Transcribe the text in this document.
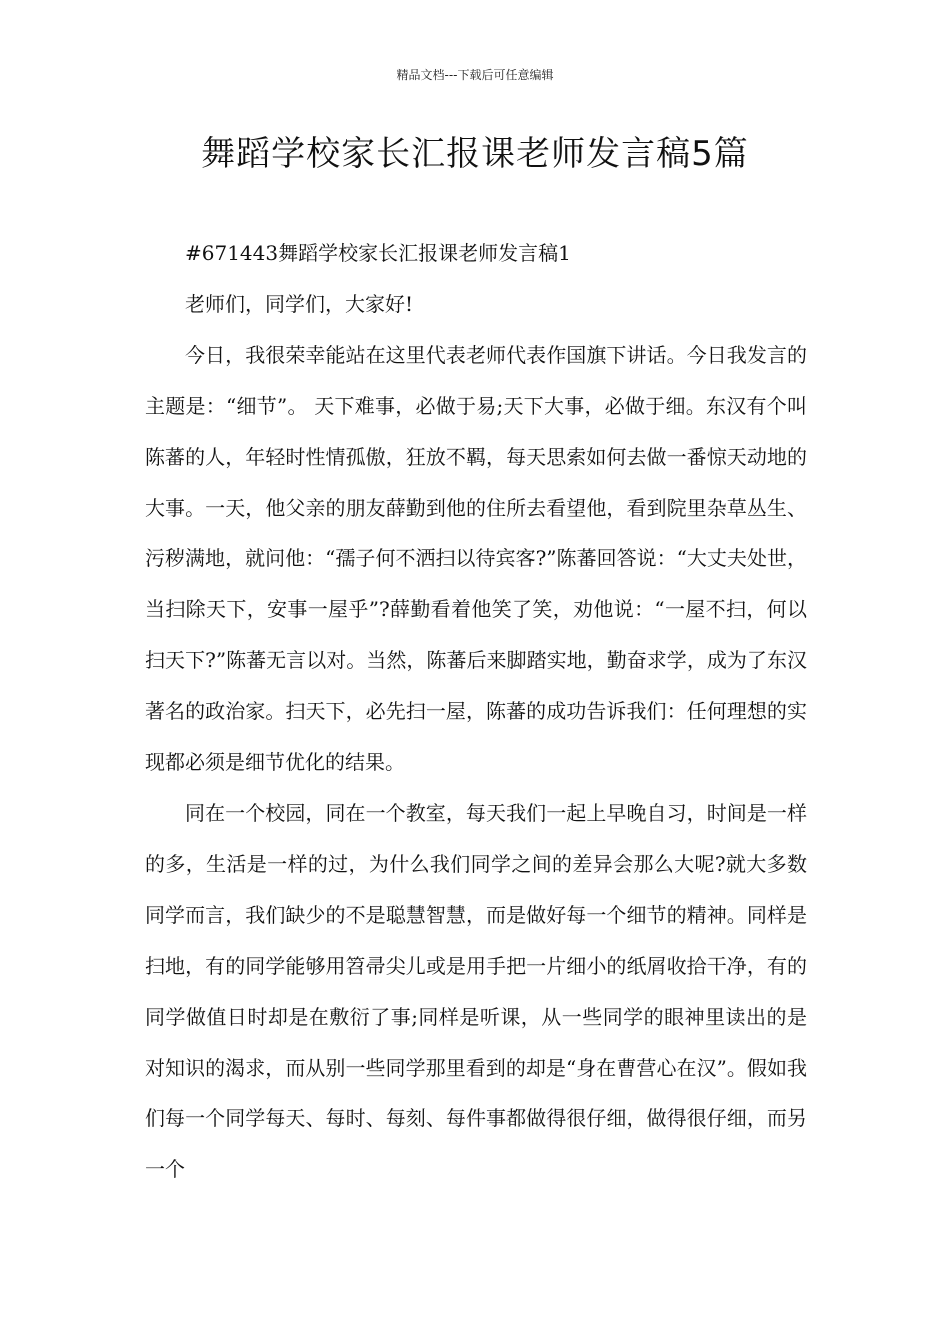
精品文档---下载后可任意编辑
舞蹈学校家长汇报课老师发言稿5篇

#671443舞蹈学校家长汇报课老师发言稿1

老师们，同学们，大家好!

今日，我很荣幸能站在这里代表老师代表作国旗下讲话。今日我发言的主题是：“细节”。 天下难事，必做于易;天下大事，必做于细。东汉有个叫陈蕃的人，年轻时性情孤傲，狂放不羁，每天思索如何去做一番惊天动地的大事。一天，他父亲的朋友薛勤到他的住所去看望他，看到院里杂草丛生、污秽满地，就问他：“孺子何不洒扫以待宾客?”陈蕃回答说：“大丈夫处世，当扫除天下，安事一屋乎”?薛勤看着他笑了笑，劝他说：“一屋不扫，何以扫天下?”陈蕃无言以对。当然，陈蕃后来脚踏实地，勤奋求学，成为了东汉著名的政治家。扫天下，必先扫一屋，陈蕃的成功告诉我们：任何理想的实现都必须是细节优化的结果。

同在一个校园，同在一个教室，每天我们一起上早晚自习，时间是一样的多，生活是一样的过，为什么我们同学之间的差异会那么大呢?就大多数同学而言，我们缺少的不是聪慧智慧，而是做好每一个细节的精神。同样是扫地，有的同学能够用笤帚尖儿或是用手把一片细小的纸屑收拾干净，有的同学做值日时却是在敷衍了事;同样是听课，从一些同学的眼神里读出的是对知识的渴求，而从别一些同学那里看到的却是“身在曹营心在汉”。假如我们每一个同学每天、每时、每刻、每件事都做得很仔细，做得很仔细，而另一个
